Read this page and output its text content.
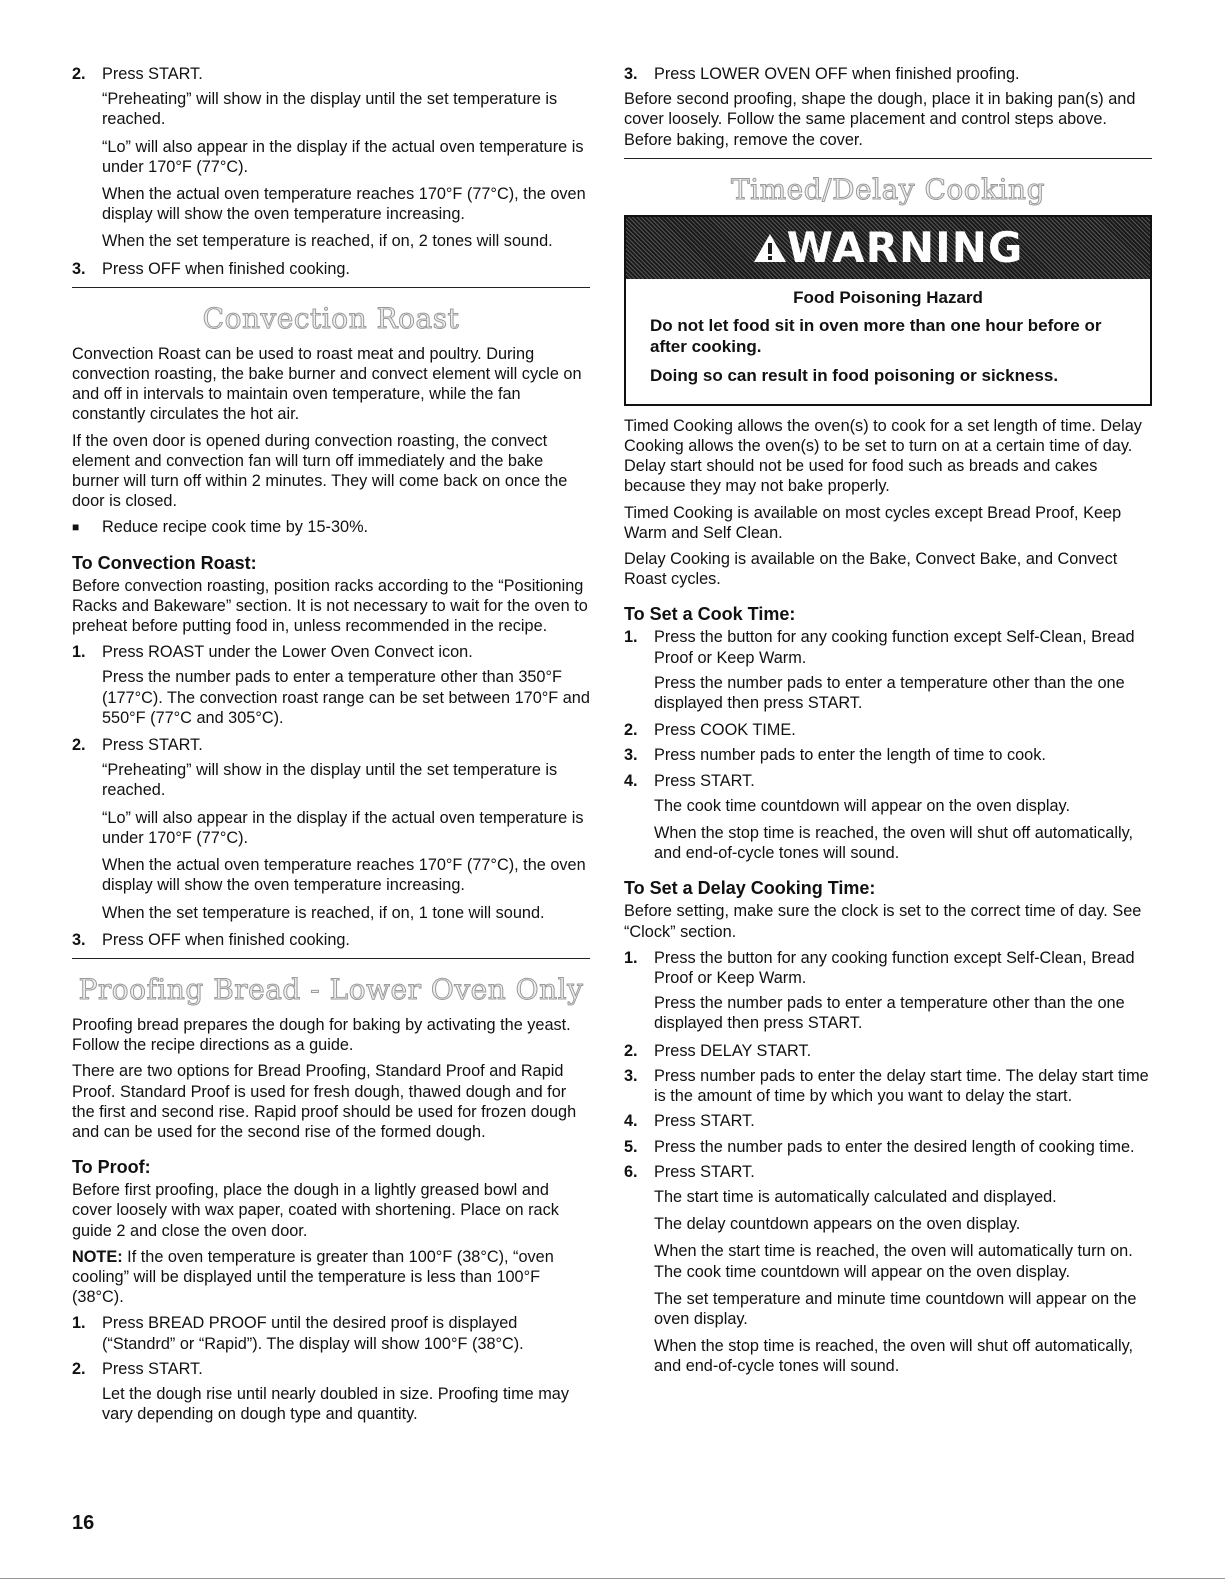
2.	Press START.

“Preheating” will show in the display until the set temperature is reached.

“Lo” will also appear in the display if the actual oven temperature is under 170°F (77°C).

When the actual oven temperature reaches 170°F (77°C), the oven display will show the oven temperature increasing.

When the set temperature is reached, if on, 2 tones will sound.

3.	Press OFF when finished cooking.
Convection Roast

Convection Roast can be used to roast meat and poultry. During convection roasting, the bake burner and convect element will cycle on and off in intervals to maintain oven temperature, while the fan constantly circulates the hot air.

If the oven door is opened during convection roasting, the convect element and convection fan will turn off immediately and the bake burner will turn off within 2 minutes. They will come back on once the door is closed.

■	Reduce recipe cook time by 15-30%.
To Convection Roast:

Before convection roasting, position racks according to the “Positioning Racks and Bakeware” section. It is not necessary to wait for the oven to preheat before putting food in, unless recommended in the recipe.

1.	Press ROAST under the Lower Oven Convect icon.

Press the number pads to enter a temperature other than 350°F (177°C). The convection roast range can be set between 170°F and 550°F (77°C and 305°C).

2.	Press START.

“Preheating” will show in the display until the set temperature is reached.

“Lo” will also appear in the display if the actual oven temperature is under 170°F (77°C).

When the actual oven temperature reaches 170°F (77°C), the oven display will show the oven temperature increasing.

When the set temperature is reached, if on, 1 tone will sound.

3.	Press OFF when finished cooking.
Proofing Bread - Lower Oven Only

Proofing bread prepares the dough for baking by activating the yeast. Follow the recipe directions as a guide.

There are two options for Bread Proofing, Standard Proof and Rapid Proof. Standard Proof is used for fresh dough, thawed dough and for the first and second rise. Rapid proof should be used for frozen dough and can be used for the second rise of the formed dough.

To Proof:

Before first proofing, place the dough in a lightly greased bowl and cover loosely with wax paper, coated with shortening. Place on rack guide 2 and close the oven door.

NOTE: If the oven temperature is greater than 100°F (38°C), “oven cooling” will be displayed until the temperature is less than 100°F (38°C).

1.	Press BREAD PROOF until the desired proof is displayed (“Standrd” or “Rapid”). The display will show 100°F (38°C).
2.	Press START.

Let the dough rise until nearly doubled in size. Proofing time may vary depending on dough type and quantity.

3.	Press LOWER OVEN OFF when finished proofing.

Before second proofing, shape the dough, place it in baking pan(s) and cover loosely. Follow the same placement and control steps above. Before baking, remove the cover.

Timed/Delay Cooking
WARNING
Food Poisoning Hazard
Do not let food sit in oven more than one hour before or after cooking.
Doing so can result in food poisoning or sickness.

Timed Cooking allows the oven(s) to cook for a set length of time. Delay Cooking allows the oven(s) to be set to turn on at a certain time of day. Delay start should not be used for food such as breads and cakes because they may not bake properly.

Timed Cooking is available on most cycles except Bread Proof, Keep Warm and Self Clean.

Delay Cooking is available on the Bake, Convect Bake, and Convect Roast cycles.

To Set a Cook Time:
1.	Press the button for any cooking function except Self-Clean, Bread Proof or Keep Warm.

Press the number pads to enter a temperature other than the one displayed then press START.

2.	Press COOK TIME.
3.	Press number pads to enter the length of time to cook.
4.	Press START.

The cook time countdown will appear on the oven display.

When the stop time is reached, the oven will shut off automatically, and end-of-cycle tones will sound.

To Set a Delay Cooking Time:

Before setting, make sure the clock is set to the correct time of day. See “Clock” section.

1.	Press the button for any cooking function except Self-Clean, Bread Proof or Keep Warm.

Press the number pads to enter a temperature other than the one displayed then press START.

2.	Press DELAY START.
3.	Press number pads to enter the delay start time. The delay start time is the amount of time by which you want to delay the start.
4.	Press START.
5.	Press the number pads to enter the desired length of cooking time.
6.	Press START.

The start time is automatically calculated and displayed.

The delay countdown appears on the oven display.

When the start time is reached, the oven will automatically turn on. The cook time countdown will appear on the oven display.

The set temperature and minute time countdown will appear on the oven display.

When the stop time is reached, the oven will shut off automatically, and end-of-cycle tones will sound.

16
